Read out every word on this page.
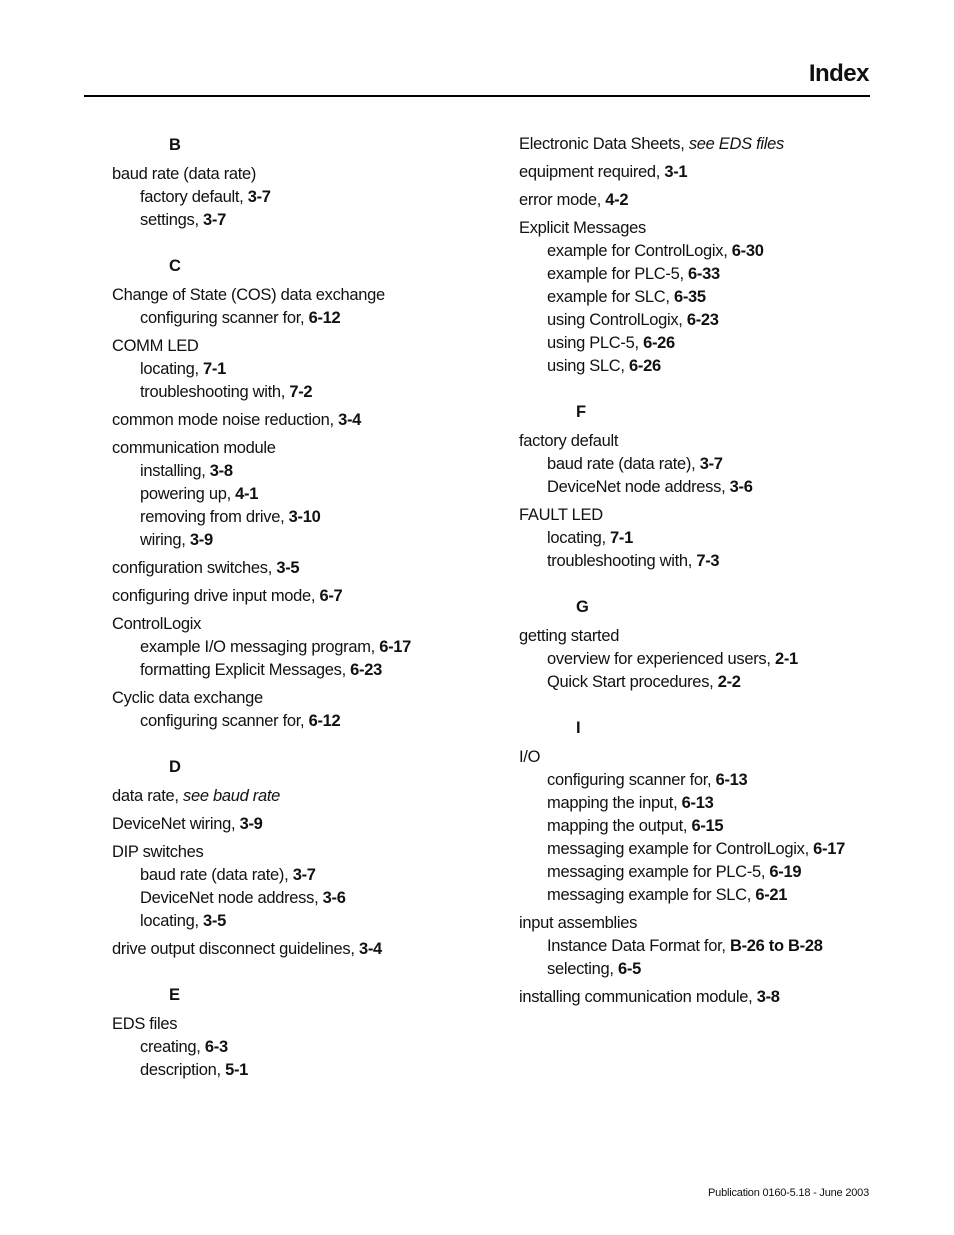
Index
B
baud rate (data rate)
factory default, 3-7
settings, 3-7
C
Change of State (COS) data exchange
configuring scanner for, 6-12
COMM LED
locating, 7-1
troubleshooting with, 7-2
common mode noise reduction, 3-4
communication module
installing, 3-8
powering up, 4-1
removing from drive, 3-10
wiring, 3-9
configuration switches, 3-5
configuring drive input mode, 6-7
ControlLogix
example I/O messaging program, 6-17
formatting Explicit Messages, 6-23
Cyclic data exchange
configuring scanner for, 6-12
D
data rate, see baud rate
DeviceNet wiring, 3-9
DIP switches
baud rate (data rate), 3-7
DeviceNet node address, 3-6
locating, 3-5
drive output disconnect guidelines, 3-4
E
EDS files
creating, 6-3
description, 5-1
Electronic Data Sheets, see EDS files
equipment required, 3-1
error mode, 4-2
Explicit Messages
example for ControlLogix, 6-30
example for PLC-5, 6-33
example for SLC, 6-35
using ControlLogix, 6-23
using PLC-5, 6-26
using SLC, 6-26
F
factory default
baud rate (data rate), 3-7
DeviceNet node address, 3-6
FAULT LED
locating, 7-1
troubleshooting with, 7-3
G
getting started
overview for experienced users, 2-1
Quick Start procedures, 2-2
I
I/O
configuring scanner for, 6-13
mapping the input, 6-13
mapping the output, 6-15
messaging example for ControlLogix, 6-17
messaging example for PLC-5, 6-19
messaging example for SLC, 6-21
input assemblies
Instance Data Format for, B-26 to B-28
selecting, 6-5
installing communication module, 3-8
Publication 0160-5.18 - June 2003
